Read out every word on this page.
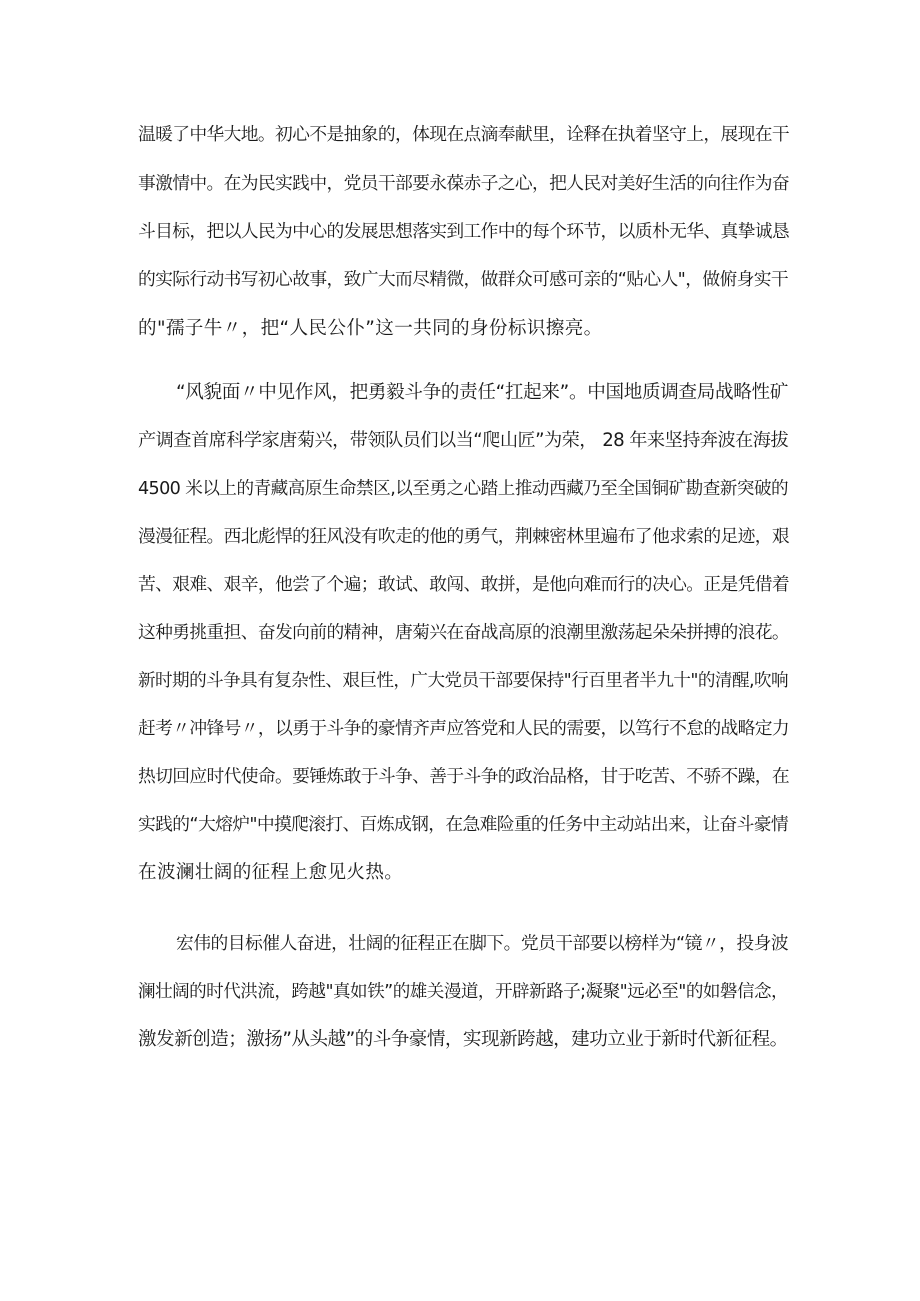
温暖了中华大地。初心不是抽象的，体现在点滴奉献里，诠释在执着坚守上，展现在干
事激情中。在为民实践中，党员干部要永葆赤子之心，把人民对美好生活的向往作为奋
斗目标，把以人民为中心的发展思想落实到工作中的每个环节，以质朴无华、真挚诚恳
的实际行动书写初心故事，致广大而尽精微，做群众可感可亲的“贴心人"，做俯身实干
的"孺子牛〃，把“人民公仆”这一共同的身份标识擦亮。
“风貌面〃中见作风，把勇毅斗争的责任“扛起来”。中国地质调查局战略性矿
产调查首席科学家唐菊兴，带领队员们以当“爬山匠”为荣， 28 年来坚持奔波在海拔
4500 米以上的青藏高原生命禁区,以至勇之心踏上推动西藏乃至全国铜矿勘查新突破的
漫漫征程。西北彪悍的狂风没有吹走的他的勇气，荆棘密林里遍布了他求索的足迹，艰
苦、艰难、艰辛，他尝了个遍；敢试、敢闯、敢拼，是他向难而行的决心。正是凭借着
这种勇挑重担、奋发向前的精神，唐菊兴在奋战高原的浪潮里激荡起朵朵拼搏的浪花。
新时期的斗争具有复杂性、艰巨性，广大党员干部要保持"行百里者半九十"的清醒,吹响
赶考〃冲锋号〃，以勇于斗争的豪情齐声应答党和人民的需要，以笃行不怠的战略定力
热切回应时代使命。要锤炼敢于斗争、善于斗争的政治品格，甘于吃苦、不骄不躁，在
实践的“大熔炉"中摸爬滚打、百炼成钢，在急难险重的任务中主动站出来，让奋斗豪情
在波澜壮阔的征程上愈见火热。
宏伟的目标催人奋进，壮阔的征程正在脚下。党员干部要以榜样为“镜〃，投身波
澜壮阔的时代洪流，跨越"真如铁”的雄关漫道，开辟新路子;凝聚"远必至"的如磐信念，
激发新创造；激扬”从头越”的斗争豪情，实现新跨越，建功立业于新时代新征程。
